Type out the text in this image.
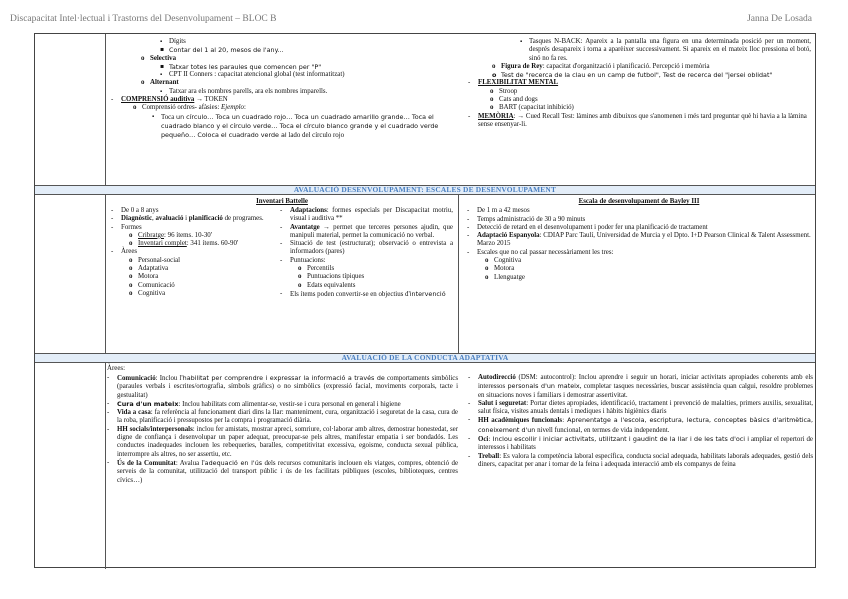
Discapacitat Intel·lectual i Trastorns del Desenvolupament – BLOC B	Janna De Losada
▪ Dígits
▪ Contar del 1 al 20, mesos de l'any...
o Selectiva
▪ Tatxar totes les paraules que comencen per "P"
▪ CPT II Conners : capacitat atencional global (test informatitzat)
o Alternant
▪ Tatxar ara els nombres parells, ara els nombres imparells.
- COMPRENSIÓ auditiva → TOKEN
o Comprensió ordres- afàsies: Ejemplo:
▪ Toca un círculo… Toca un cuadrado rojo… Toca un cuadrado amarillo grande… Toca el cuadrado blanco y el círculo verde… Toca el círculo blanco grande y el cuadrado verde pequeño… Coloca el cuadrado verde al lado del círculo rojo
▪ Tasques N-BACK: Apareix a la pantalla una figura en una determinada posició per un moment, després desapareix i torna a aparèixer successivament. Si apareix en el mateix lloc pressiona el botó, sinó no fa res.
o Figura de Rey: capacitat d'organització i planificació. Percepció i memòria
o Test de "recerca de la clau en un camp de futbol", Test de recerca del "jersei oblidat"
- FLEXIBILITAT MENTAL
o Stroop
o Cats and dogs
o BART (capacitat inhibició)
- MEMÒRIA: → Cued Recall Test: làmines amb dibuixos que s'anomenen i més tard preguntar què hi havia a la làmina sense ensenyar-li.
AVALUACIÓ DESENVOLUPAMENT: ESCALES DE DESENVOLUPAMENT
Inventari Battelle
- De 0 a 8 anys
- Diagnòstic, avaluació i planificació de programes.
- Formes
o Cribratge: 96 ítems. 10-30'
o Inventari complet: 341 ítems. 60-90'
- Àrees
o Personal-social
o Adaptativa
o Motora
o Comunicació
o Cognitiva
- Adaptacions: formes especials per Discapacitat motriu, visual i auditiva **
- Avantatge → permet que terceres persones ajudin, que manipuli material, permet la comunicació no verbal.
- Situació de test (estructurat); observació o entrevista a informadors (pares)
- Puntuacions:
o Percentils
o Puntuacions típiques
o Edats equivalents
- Els ítems poden convertir-se en objectius d'intervenció
Escala de desenvolupament de Bayley III
- De 1 m a 42 mesos
- Temps administració de 30 a 90 minuts
- Detecció de retard en el desenvolupament i poder fer una planificació de tractament
- Adaptació Espanyola: CDIAP Parc Taulí, Universidad de Murcia y el Dpto. I+D Pearson Clinical & Talent Assessment. Marzo 2015
- Escales que no cal passar necessàriament les tres:
o Cognitiva
o Motora
o Llenguatge
AVALUACIÓ DE LA CONDUCTA ADAPTATIVA
Àrees:
- Comunicació: Inclou l'habilitat per comprendre i expressar la informació a través de comportaments simbòlics (paraules verbals i escrites/ortografia, símbols gràfics) o no simbòlics (expressió facial, moviments corporals, tacte i gestualitat)
- Cura d'un mateix: Inclou habilitats com alimentar-se, vestir-se i cura personal en general i higiene
- Vida a casa: fa referència al funcionament diari dins la llar: manteniment, cura, organització i seguretat de la casa, cura de la roba, planificació i pressupostos per la compra i programació diària.
- HH socials/interpersonals: inclou fer amistats, mostrar apreci, somriure, col·laborar amb altres, demostrar honestedat, ser digne de confiança i desenvolupar un paper adequat, preocupar-se pels altres, manifestar empatia i ser bondadós. Les conductes inadequades inclouen les rebequeries, baralles, competitivitat excessiva, egoisme, conducta sexual pública, interrompre als altres, no ser assertiu, etc.
- Ús de la Comunitat: Avalua l'adequació en l'ús dels recursos comunitaris inclouen els viatges, compres, obtenció de serveis de la comunitat, utilització del transport públic i ús de les facilitats públiques (escoles, biblioteques, centres cívics…)
- Autodirecció (DSM: autocontrol): Inclou aprendre i seguir un horari, iniciar activitats apropiades coherents amb els interessos personals d'un mateix, completar tasques necessàries, buscar assistència quan calgui, resoldre problemes en situacions noves i familiars i demostrar assertivitat.
- Salut i seguretat: Portar dietes apropiades, identificació, tractament i prevenció de malalties, primers auxilis, sexualitat, salut física, visites anuals dentals i mediques i hàbits higiènics diaris
- HH acadèmiques funcionals: Aprenentatge a l'escola, escriptura, lectura, conceptes bàsics d'aritmètica, coneixement d'un nivell funcional, en termes de vida independent.
- Oci: Inclou escollir i iniciar activitats, utilitzant i gaudint de la llar i de les tats d'oci i ampliar el repertori de interessos i habilitats
- Treball: Es valora la competència laboral específica, conducta social adequada, habilitats laborals adequades, gestió dels diners, capacitat per anar i tornar de la feina i adequada interacció amb els companys de feina
